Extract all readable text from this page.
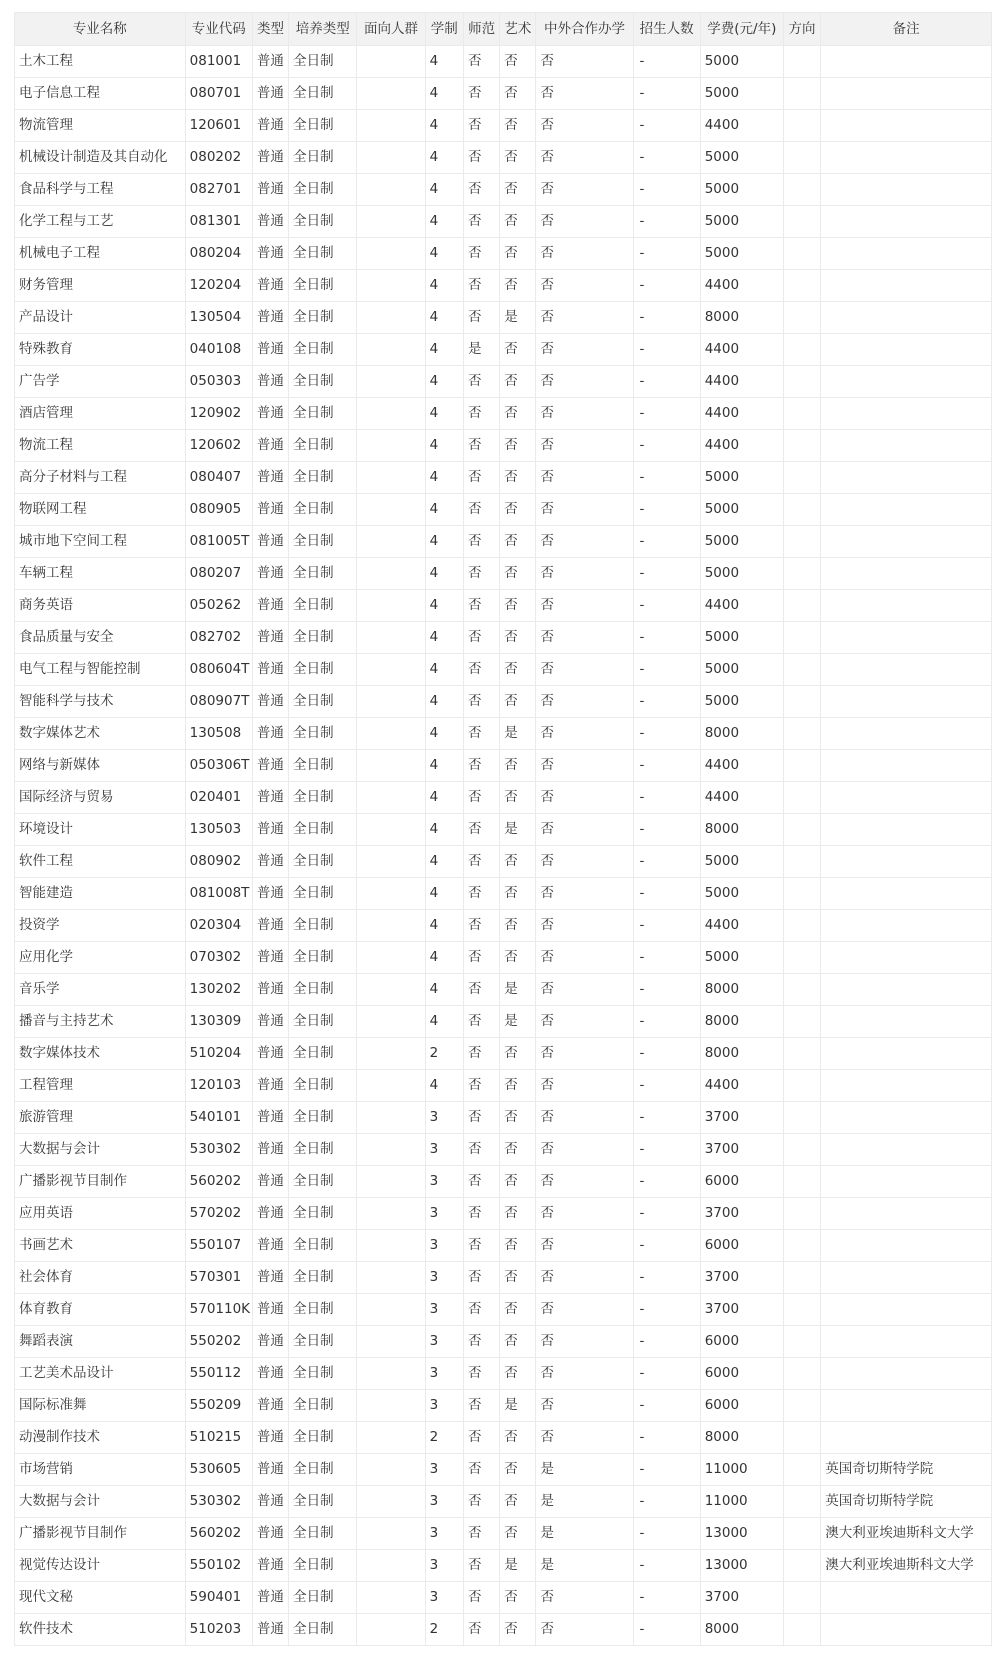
专业名称	专业代码	类型	培养类型	面向人群	学制	师范	艺术	中外合作办学	招生人数	学费(元/年)	方向	备注
土木工程	081001	普通	全日制		4	否	否	否	-	5000		
电子信息工程	080701	普通	全日制		4	否	否	否	-	5000		
物流管理	120601	普通	全日制		4	否	否	否	-	4400		
机械设计制造及其自动化	080202	普通	全日制		4	否	否	否	-	5000		
食品科学与工程	082701	普通	全日制		4	否	否	否	-	5000		
化学工程与工艺	081301	普通	全日制		4	否	否	否	-	5000		
机械电子工程	080204	普通	全日制		4	否	否	否	-	5000		
财务管理	120204	普通	全日制		4	否	否	否	-	4400		
产品设计	130504	普通	全日制		4	否	是	否	-	8000		
特殊教育	040108	普通	全日制		4	是	否	否	-	4400		
广告学	050303	普通	全日制		4	否	否	否	-	4400		
酒店管理	120902	普通	全日制		4	否	否	否	-	4400		
物流工程	120602	普通	全日制		4	否	否	否	-	4400		
高分子材料与工程	080407	普通	全日制		4	否	否	否	-	5000		
物联网工程	080905	普通	全日制		4	否	否	否	-	5000		
城市地下空间工程	081005T	普通	全日制		4	否	否	否	-	5000		
车辆工程	080207	普通	全日制		4	否	否	否	-	5000		
商务英语	050262	普通	全日制		4	否	否	否	-	4400		
食品质量与安全	082702	普通	全日制		4	否	否	否	-	5000		
电气工程与智能控制	080604T	普通	全日制		4	否	否	否	-	5000		
智能科学与技术	080907T	普通	全日制		4	否	否	否	-	5000		
数字媒体艺术	130508	普通	全日制		4	否	是	否	-	8000		
网络与新媒体	050306T	普通	全日制		4	否	否	否	-	4400		
国际经济与贸易	020401	普通	全日制		4	否	否	否	-	4400		
环境设计	130503	普通	全日制		4	否	是	否	-	8000		
软件工程	080902	普通	全日制		4	否	否	否	-	5000		
智能建造	081008T	普通	全日制		4	否	否	否	-	5000		
投资学	020304	普通	全日制		4	否	否	否	-	4400		
应用化学	070302	普通	全日制		4	否	否	否	-	5000		
音乐学	130202	普通	全日制		4	否	是	否	-	8000		
播音与主持艺术	130309	普通	全日制		4	否	是	否	-	8000		
数字媒体技术	510204	普通	全日制		2	否	否	否	-	8000		
工程管理	120103	普通	全日制		4	否	否	否	-	4400		
旅游管理	540101	普通	全日制		3	否	否	否	-	3700		
大数据与会计	530302	普通	全日制		3	否	否	否	-	3700		
广播影视节目制作	560202	普通	全日制		3	否	否	否	-	6000		
应用英语	570202	普通	全日制		3	否	否	否	-	3700		
书画艺术	550107	普通	全日制		3	否	否	否	-	6000		
社会体育	570301	普通	全日制		3	否	否	否	-	3700		
体育教育	570110K	普通	全日制		3	否	否	否	-	3700		
舞蹈表演	550202	普通	全日制		3	否	否	否	-	6000		
工艺美术品设计	550112	普通	全日制		3	否	否	否	-	6000		
国际标准舞	550209	普通	全日制		3	否	是	否	-	6000		
动漫制作技术	510215	普通	全日制		2	否	否	否	-	8000		
市场营销	530605	普通	全日制		3	否	否	是	-	11000		英国奇切斯特学院
大数据与会计	530302	普通	全日制		3	否	否	是	-	11000		英国奇切斯特学院
广播影视节目制作	560202	普通	全日制		3	否	否	是	-	13000		澳大利亚埃迪斯科文大学
视觉传达设计	550102	普通	全日制		3	否	是	是	-	13000		澳大利亚埃迪斯科文大学
现代文秘	590401	普通	全日制		3	否	否	否	-	3700		
软件技术	510203	普通	全日制		2	否	否	否	-	8000		
